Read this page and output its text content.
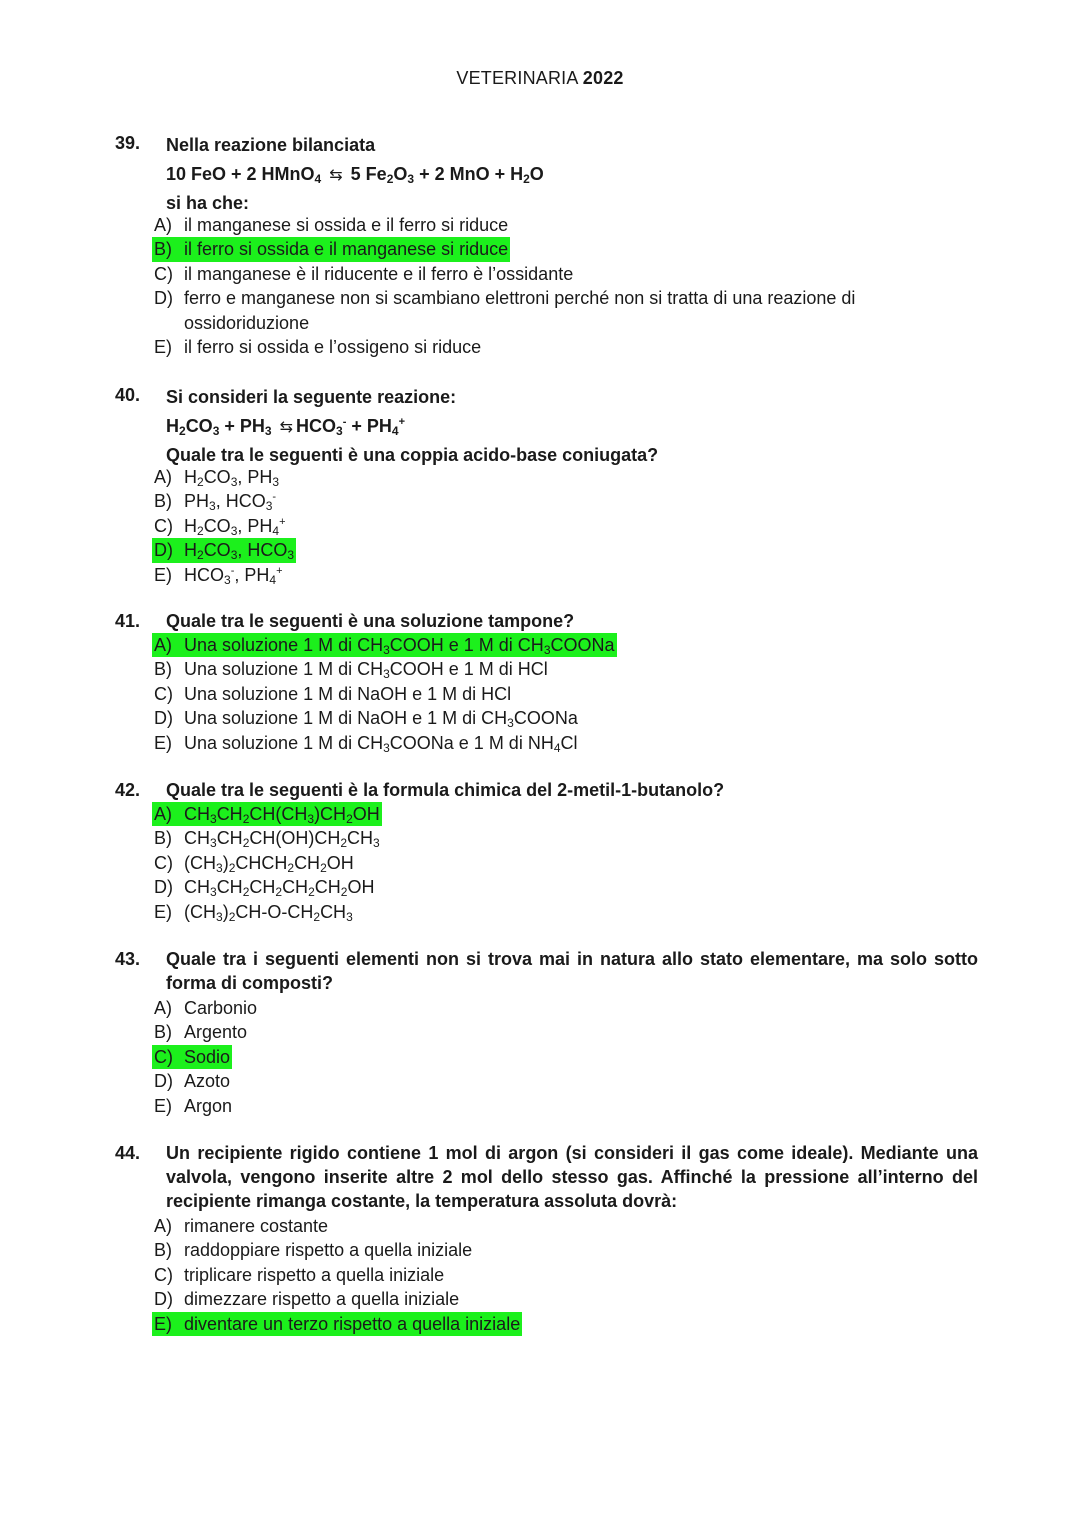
VETERINARIA 2022
39.	Nella reazione bilanciata
10 FeO + 2 HMnO$_4$ ⇆ 5 $Fe_2O_3 + 2$ MnO + $H_2O$
si ha che:
A) il manganese si ossida e il ferro si riduce
B) il ferro si ossida e il manganese si riduce
C) il manganese è il riducente e il ferro è l’ossidante
D) ferro e manganese non si scambiano elettroni perché non si tratta di una reazione di ossidoriduzione
E) il ferro si ossida e l’ossigeno si riduce
40.	Si consideri la seguente reazione:
$H_2CO_3 + PH_3$ ⇆ $HCO_3^- + PH_4^+$
Quale tra le seguenti è una coppia acido-base coniugata?
A) $H_2CO_3$, $PH_3$
B) $PH_3$, $HCO_3^-$
C) $H_2CO_3$, $PH_4^+$
D) $H_2CO_3$, $HCO_3$
E) $HCO_3^-$, $PH_4^+$
41.	Quale tra le seguenti è una soluzione tampone?
A) Una soluzione 1 M di $CH_3COOH$ e 1 M di $CH_3COONa$
B) Una soluzione 1 M di $CH_3COOH$ e 1 M di HCl
C) Una soluzione 1 M di NaOH e 1 M di HCl
D) Una soluzione 1 M di NaOH e 1 M di $CH_3COONa$
E) Una soluzione 1 M di $CH_3COONa$ e 1 M di $NH_4Cl$
42.	Quale tra le seguenti è la formula chimica del 2-metil-1-butanolo?
A) $CH_3CH_2CH(CH_3)CH_2OH$
B) $CH_3CH_2CH(OH)CH_2CH_3$
C) $(CH_3)_2CHCH_2CH_2OH$
D) $CH_3CH_2CH_2CH_2CH_2OH$
E) $(CH_3)_2CH-O-CH_2CH_3$
43.	Quale tra i seguenti elementi non si trova mai in natura allo stato elementare, ma solo sotto forma di composti?
A) Carbonio
B) Argento
C) Sodio
D) Azoto
E) Argon
44.	Un recipiente rigido contiene 1 mol di argon (si consideri il gas come ideale). Mediante una valvola, vengono inserite altre 2 mol dello stesso gas. Affinché la pressione all’interno del recipiente rimanga costante, la temperatura assoluta dovrà:
A) rimanere costante
B) raddoppiare rispetto a quella iniziale
C) triplicare rispetto a quella iniziale
D) dimezzare rispetto a quella iniziale
E) diventare un terzo rispetto a quella iniziale
